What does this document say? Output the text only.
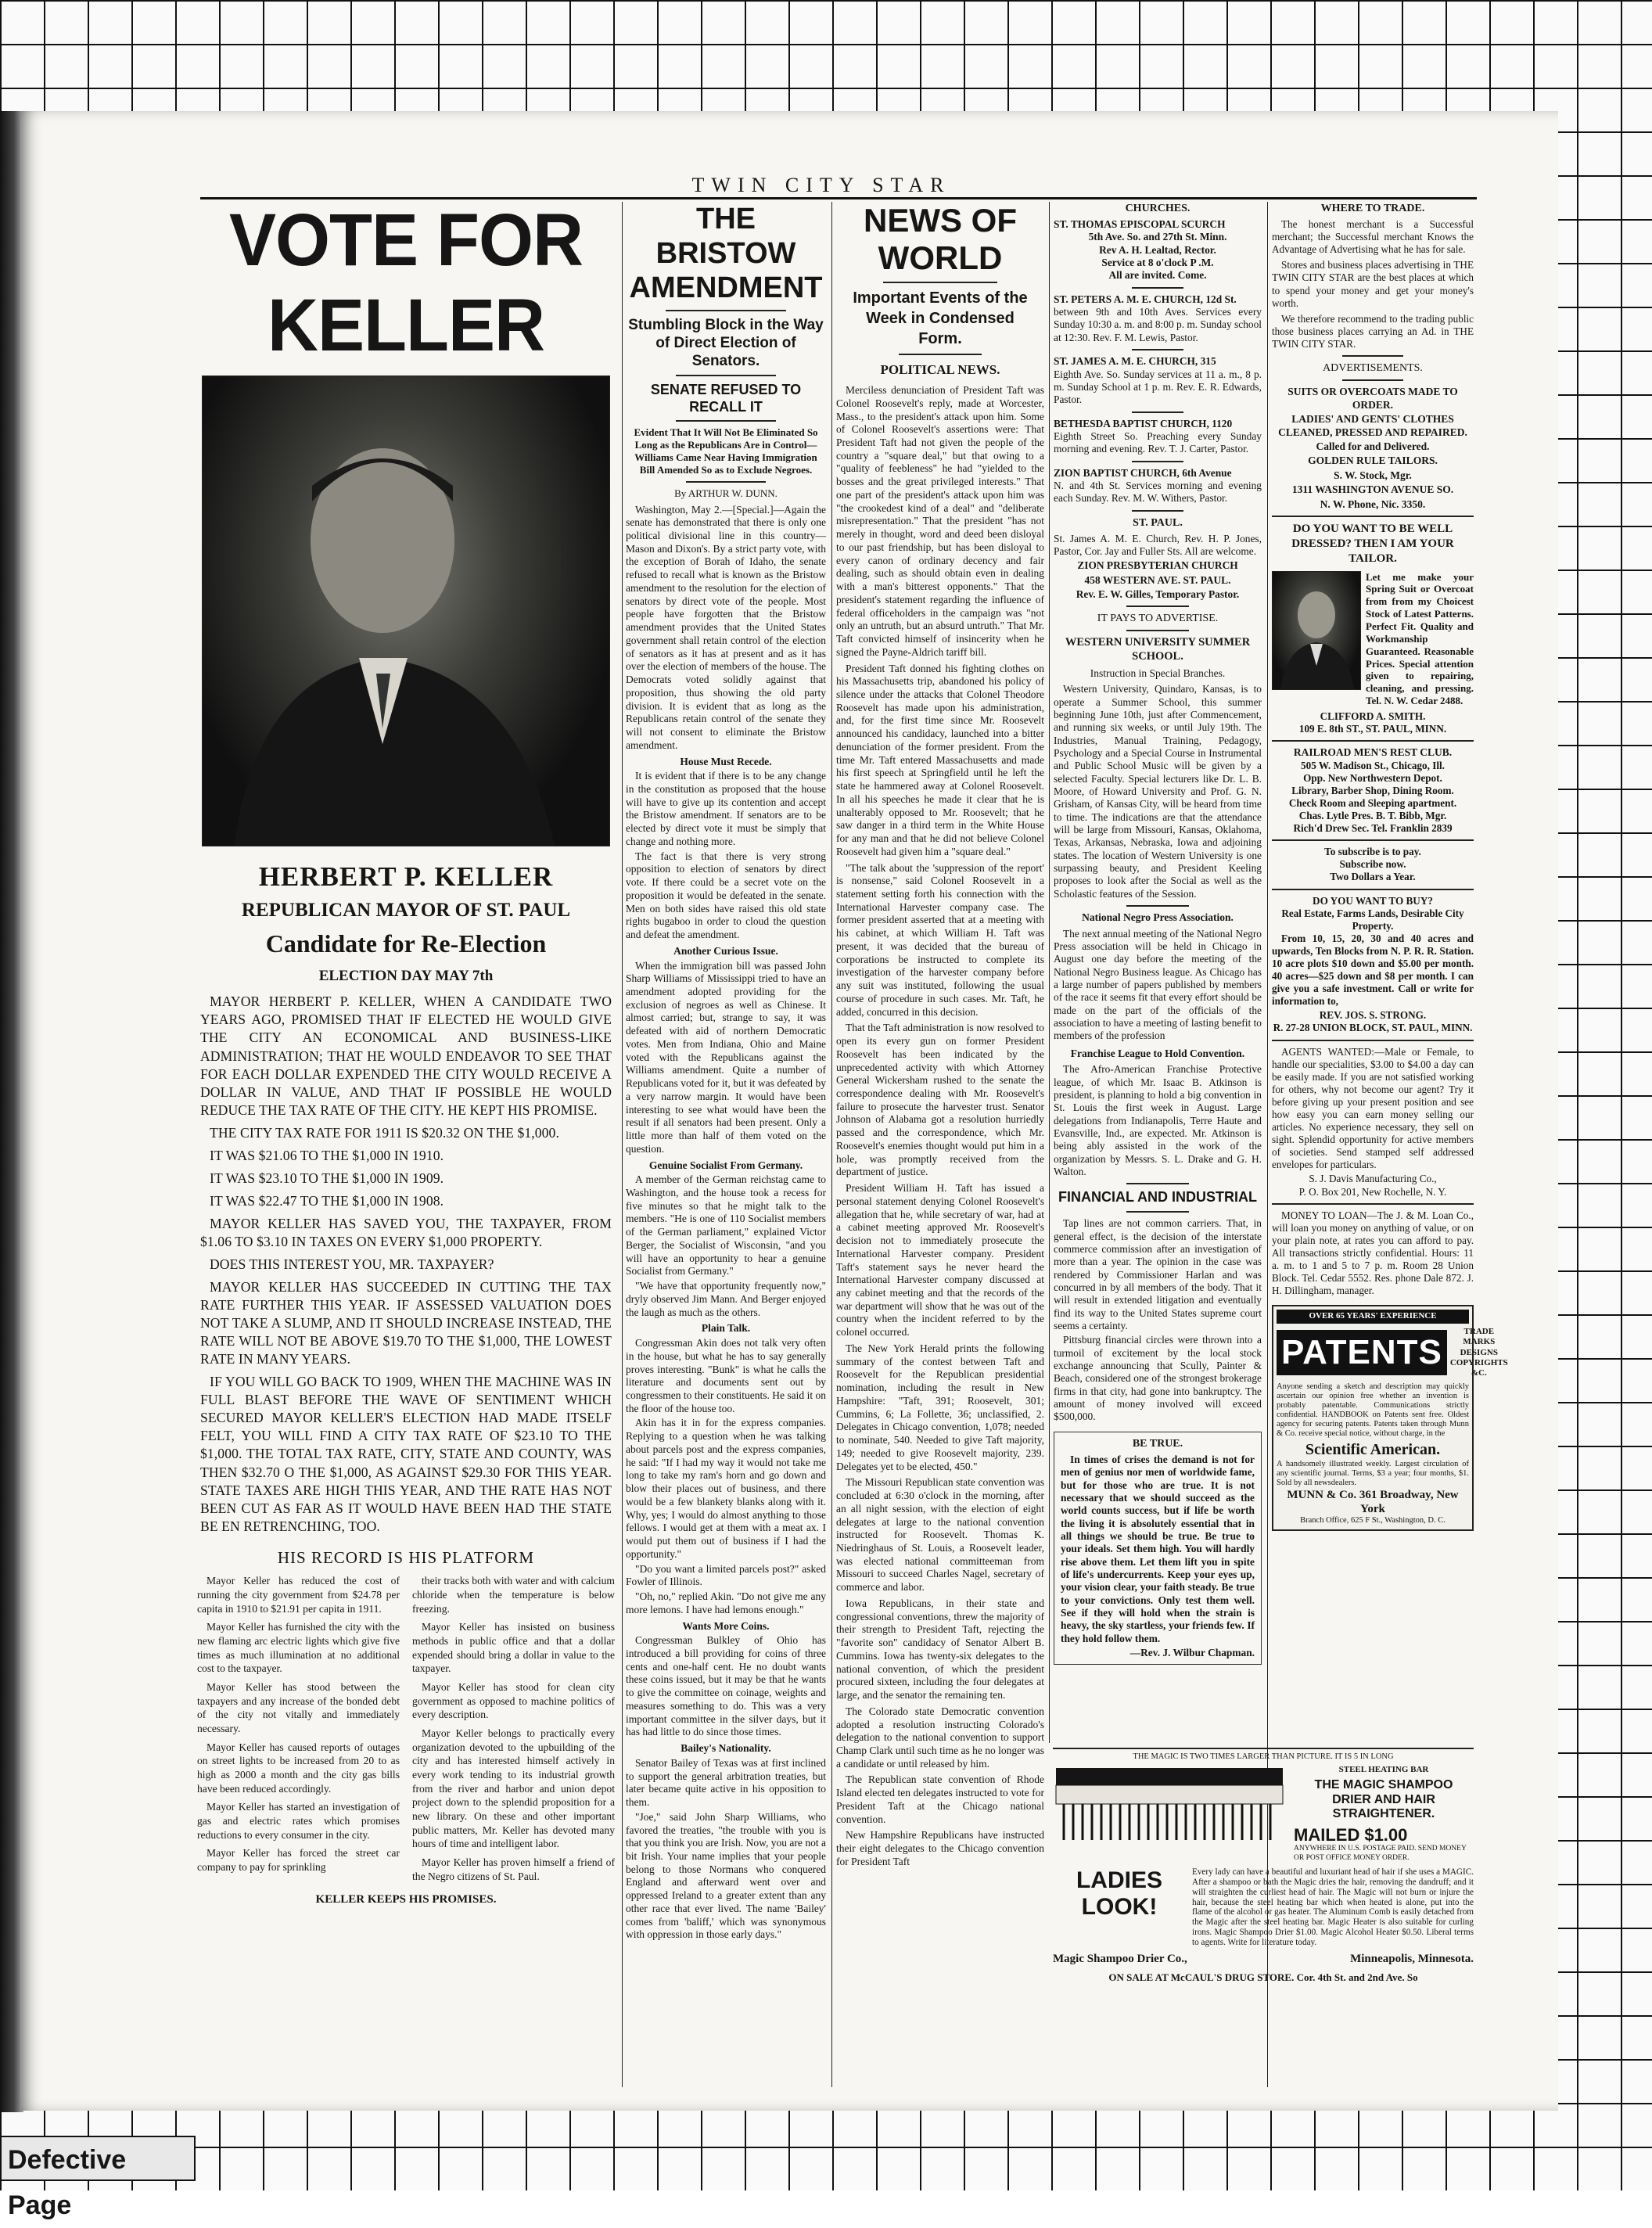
TWIN CITY STAR
VOTE FOR KELLER
HERBERT P. KELLER
REPUBLICAN MAYOR OF ST. PAUL
Candidate for Re-Election
ELECTION DAY MAY 7th

MAYOR HERBERT P. KELLER, WHEN A CANDIDATE TWO YEARS AGO, PROMISED THAT IF ELECTED HE WOULD GIVE THE CITY AN ECONOMICAL AND BUSINESS-LIKE ADMINISTRATION; THAT HE WOULD ENDEAVOR TO SEE THAT FOR EACH DOLLAR EXPENDED THE CITY WOULD RECEIVE A DOLLAR IN VALUE, AND THAT IF POSSIBLE HE WOULD REDUCE THE TAX RATE OF THE CITY. HE KEPT HIS PROMISE.

THE CITY TAX RATE FOR 1911 IS $20.32 ON THE $1,000.

IT WAS $21.06 TO THE $1,000 IN 1910.

IT WAS $23.10 TO THE $1,000 IN 1909.

IT WAS $22.47 TO THE $1,000 IN 1908.

MAYOR KELLER HAS SAVED YOU, THE TAXPAYER, FROM $1.06 TO $3.10 IN TAXES ON EVERY $1,000 PROPERTY.

DOES THIS INTEREST YOU, MR. TAXPAYER?

MAYOR KELLER HAS SUCCEEDED IN CUTTING THE TAX RATE FURTHER THIS YEAR. IF ASSESSED VALUATION DOES NOT TAKE A SLUMP, AND IT SHOULD INCREASE INSTEAD, THE RATE WILL NOT BE ABOVE $19.70 TO THE $1,000, THE LOWEST RATE IN MANY YEARS.

IF YOU WILL GO BACK TO 1909, WHEN THE MACHINE WAS IN FULL BLAST BEFORE THE WAVE OF SENTIMENT WHICH SECURED MAYOR KELLER'S ELECTION HAD MADE ITSELF FELT, YOU WILL FIND A CITY TAX RATE OF $23.10 TO THE $1,000. THE TOTAL TAX RATE, CITY, STATE AND COUNTY, WAS THEN $32.70 O THE $1,000, AS AGAINST $29.30 FOR THIS YEAR. STATE TAXES ARE HIGH THIS YEAR, AND THE RATE HAS NOT BEEN CUT AS FAR AS IT WOULD HAVE BEEN HAD THE STATE BE EN RETRENCHING, TOO.

HIS RECORD IS HIS PLATFORM

Mayor Keller has reduced the cost of running the city government from $24.78 per capita in 1910 to $21.91 per capita in 1911.

Mayor Keller has furnished the city with the new flaming arc electric lights which give five times as much illumination at no additional cost to the taxpayer.

Mayor Keller has stood between the taxpayers and any increase of the bonded debt of the city not vitally and immediately necessary.

Mayor Keller has caused reports of outages on street lights to be increased from 20 to as high as 2000 a month and the city gas bills have been reduced accordingly.

Mayor Keller has started an investigation of gas and electric rates which promises reductions to every consumer in the city.

Mayor Keller has forced the street car company to pay for sprinkling

their tracks both with water and with calcium chloride when the temperature is below freezing.

Mayor Keller has insisted on business methods in public office and that a dollar expended should bring a dollar in value to the taxpayer.

Mayor Keller has stood for clean city government as opposed to machine politics of every description.

Mayor Keller belongs to practically every organization devoted to the upbuilding of the city and has interested himself actively in every work tending to its industrial growth from the river and harbor and union depot project down to the splendid proposition for a new library. On these and other important public matters, Mr. Keller has devoted many hours of time and intelligent labor.

Mayor Keller has proven himself a friend of the Negro citizens of St. Paul.

KELLER KEEPS HIS PROMISES.
THE BRISTOW AMENDMENT
Stumbling Block in the Way of Direct Election of Senators.
SENATE REFUSED TO RECALL IT
Evident That It Will Not Be Eliminated So Long as the Republicans Are in Control—Williams Came Near Having Immigration Bill Amended So as to Exclude Negroes.
By ARTHUR W. DUNN.

Washington, May 2.—[Special.]—Again the senate has demonstrated that there is only one political divisional line in this country—Mason and Dixon's. By a strict party vote, with the exception of Borah of Idaho, the senate refused to recall what is known as the Bristow amendment to the resolution for the election of senators by direct vote of the people. Most people have forgotten that the Bristow amendment provides that the United States government shall retain control of the election of senators as it has at present and as it has over the election of members of the house. The Democrats voted solidly against that proposition, thus showing the old party division. It is evident that as long as the Republicans retain control of the senate they will not consent to eliminate the Bristow amendment.

House Must Recede.

It is evident that if there is to be any change in the constitution as proposed that the house will have to give up its contention and accept the Bristow amendment. If senators are to be elected by direct vote it must be simply that change and nothing more.

The fact is that there is very strong opposition to election of senators by direct vote. If there could be a secret vote on the proposition it would be defeated in the senate. Men on both sides have raised this old state rights bugaboo in order to cloud the question and defeat the amendment.

Another Curious Issue.

When the immigration bill was passed John Sharp Williams of Mississippi tried to have an amendment adopted providing for the exclusion of negroes as well as Chinese. It almost carried; but, strange to say, it was defeated with aid of northern Democratic votes. Men from Indiana, Ohio and Maine voted with the Republicans against the Williams amendment. Quite a number of Republicans voted for it, but it was defeated by a very narrow margin. It would have been interesting to see what would have been the result if all senators had been present. Only a little more than half of them voted on the question.

Genuine Socialist From Germany.

A member of the German reichstag came to Washington, and the house took a recess for five minutes so that he might talk to the members. "He is one of 110 Socialist members of the German parliament," explained Victor Berger, the Socialist of Wisconsin, "and you will have an opportunity to hear a genuine Socialist from Germany."

"We have that opportunity frequently now," dryly observed Jim Mann. And Berger enjoyed the laugh as much as the others.

Plain Talk.

Congressman Akin does not talk very often in the house, but what he has to say generally proves interesting. "Bunk" is what he calls the literature and documents sent out by congressmen to their constituents. He said it on the floor of the house too.

Akin has it in for the express companies. Replying to a question when he was talking about parcels post and the express companies, he said: "If I had my way it would not take me long to take my ram's horn and go down and blow their places out of business, and there would be a few blankety blanks along with it. Why, yes; I would do almost anything to those fellows. I would get at them with a meat ax. I would put them out of business if I had the opportunity."

"Do you want a limited parcels post?" asked Fowler of Illinois.

"Oh, no," replied Akin. "Do not give me any more lemons. I have had lemons enough."

Wants More Coins.

Congressman Bulkley of Ohio has introduced a bill providing for coins of three cents and one-half cent. He no doubt wants these coins issued, but it may be that he wants to give the committee on coinage, weights and measures something to do. This was a very important committee in the silver days, but it has had little to do since those times.

Bailey's Nationality.

Senator Bailey of Texas was at first inclined to support the general arbitration treaties, but later became quite active in his opposition to them.

"Joe," said John Sharp Williams, who favored the treaties, "the trouble with you is that you think you are Irish. Now, you are not a bit Irish. Your name implies that your people belong to those Normans who conquered England and afterward went over and oppressed Ireland to a greater extent than any other race that ever lived. The name 'Bailey' comes from 'baliff,' which was synonymous with oppression in those early days."

NEWS OF WORLD
Important Events of the Week in Condensed Form.
POLITICAL NEWS.

Merciless denunciation of President Taft was Colonel Roosevelt's reply, made at Worcester, Mass., to the president's attack upon him. Some of Colonel Roosevelt's assertions were: That President Taft had not given the people of the country a "square deal," but that owing to a "quality of feebleness" he had "yielded to the bosses and the great privileged interests." That one part of the president's attack upon him was "the crookedest kind of a deal" and "deliberate misrepresentation." That the president "has not merely in thought, word and deed been disloyal to our past friendship, but has been disloyal to every canon of ordinary decency and fair dealing, such as should obtain even in dealing with a man's bitterest opponents." That the president's statement regarding the influence of federal officeholders in the campaign was "not only an untruth, but an absurd untruth." That Mr. Taft convicted himself of insincerity when he signed the Payne-Aldrich tariff bill.

President Taft donned his fighting clothes on his Massachusetts trip, abandoned his policy of silence under the attacks that Colonel Theodore Roosevelt has made upon his administration, and, for the first time since Mr. Roosevelt announced his candidacy, launched into a bitter denunciation of the former president. From the time Mr. Taft entered Massachusetts and made his first speech at Springfield until he left the state he hammered away at Colonel Roosevelt. In all his speeches he made it clear that he is unalterably opposed to Mr. Roosevelt; that he saw danger in a third term in the White House for any man and that he did not believe Colonel Roosevelt had given him a "square deal."

"The talk about the 'suppression of the report' is nonsense," said Colonel Roosevelt in a statement setting forth his connection with the International Harvester company case. The former president asserted that at a meeting with his cabinet, at which William H. Taft was present, it was decided that the bureau of corporations be instructed to complete its investigation of the harvester company before any suit was instituted, following the usual course of procedure in such cases. Mr. Taft, he added, concurred in this decision.

That the Taft administration is now resolved to open its every gun on former President Roosevelt has been indicated by the unprecedented activity with which Attorney General Wickersham rushed to the senate the correspondence dealing with Mr. Roosevelt's failure to prosecute the harvester trust. Senator Johnson of Alabama got a resolution hurriedly passed and the correspondence, which Mr. Roosevelt's enemies thought would put him in a hole, was promptly received from the department of justice.

President William H. Taft has issued a personal statement denying Colonel Roosevelt's allegation that he, while secretary of war, had at a cabinet meeting approved Mr. Roosevelt's decision not to immediately prosecute the International Harvester company. President Taft's statement says he never heard the International Harvester company discussed at any cabinet meeting and that the records of the war department will show that he was out of the country when the incident referred to by the colonel occurred.

The New York Herald prints the following summary of the contest between Taft and Roosevelt for the Republican presidential nomination, including the result in New Hampshire: "Taft, 391; Roosevelt, 301; Cummins, 6; La Follette, 36; unclassified, 2. Delegates in Chicago convention, 1,078; needed to nominate, 540. Needed to give Taft majority, 149; needed to give Roosevelt majority, 239. Delegates yet to be elected, 450."

The Missouri Republican state convention was concluded at 6:30 o'clock in the morning, after an all night session, with the election of eight delegates at large to the national convention instructed for Roosevelt. Thomas K. Niedringhaus of St. Louis, a Roosevelt leader, was elected national committeeman from Missouri to succeed Charles Nagel, secretary of commerce and labor.

Iowa Republicans, in their state and congressional conventions, threw the majority of their strength to President Taft, rejecting the "favorite son" candidacy of Senator Albert B. Cummins. Iowa has twenty-six delegates to the national convention, of which the president procured sixteen, including the four delegates at large, and the senator the remaining ten.

The Colorado state Democratic convention adopted a resolution instructing Colorado's delegation to the national convention to support Champ Clark until such time as he no longer was a candidate or until released by him.

The Republican state convention of Rhode Island elected ten delegates instructed to vote for President Taft at the Chicago national convention.

New Hampshire Republicans have instructed their eight delegates to the Chicago convention for President Taft

CHURCHES.
ST. THOMAS EPISCOPAL SCURCH
5th Ave. So. and 27th St. Minn.
Rev A. H. Lealtad, Rector.
Service at 8 o'clock P .M.
All are invited. Come.
ST. PETERS A. M. E. CHURCH, 12d St.
between 9th and 10th Aves. Services every Sunday 10:30 a. m. and 8:00 p. m. Sunday school at 12:30. Rev. F. M. Lewis, Pastor.
ST. JAMES A. M. E. CHURCH, 315
Eighth Ave. So. Sunday services at 11 a. m., 8 p. m. Sunday School at 1 p. m. Rev. E. R. Edwards, Pastor.
BETHESDA BAPTIST CHURCH, 1120
Eighth Street So. Preaching every Sunday morning and evening. Rev. T. J. Carter, Pastor.
ZION BAPTIST CHURCH, 6th Avenue
N. and 4th St. Services morning and evening each Sunday. Rev. M. W. Withers, Pastor.
ST. PAUL.
St. James A. M. E. Church, Rev. H. P. Jones, Pastor, Cor. Jay and Fuller Sts. All are welcome.
ZION PRESBYTERIAN CHURCH
458 WESTERN AVE. ST. PAUL.
Rev. E. W. Gilles, Temporary Pastor.
IT PAYS TO ADVERTISE.
WESTERN UNIVERSITY SUMMER SCHOOL.
Instruction in Special Branches.

Western University, Quindaro, Kansas, is to operate a Summer School, this summer beginning June 10th, just after Commencement, and running six weeks, or until July 19th. The Industries, Manual Training, Pedagogy, Psychology and a Special Course in Instrumental and Public School Music will be given by a selected Faculty. Special lecturers like Dr. L. B. Moore, of Howard University and Prof. G. N. Grisham, of Kansas City, will be heard from time to time. The indications are that the attendance will be large from Missouri, Kansas, Oklahoma, Texas, Arkansas, Nebraska, Iowa and adjoining states. The location of Western University is one surpassing beauty, and President Keeling proposes to look after the Social as well as the Scholastic features of the Session.

National Negro Press Association.

The next annual meeting of the National Negro Press association will be held in Chicago in August one day before the meeting of the National Negro Business league. As Chicago has a large number of papers published by members of the race it seems fit that every effort should be made on the part of the officials of the association to have a meeting of lasting benefit to members of the profession

Franchise League to Hold Convention.

The Afro-American Franchise Protective league, of which Mr. Isaac B. Atkinson is president, is planning to hold a big convention in St. Louis the first week in August. Large delegations from Indianapolis, Terre Haute and Evansville, Ind., are expected. Mr. Atkinson is being ably assisted in the work of the organization by Messrs. S. L. Drake and G. H. Walton.

FINANCIAL AND INDUSTRIAL

Tap lines are not common carriers. That, in general effect, is the decision of the interstate commerce commission after an investigation of more than a year. The opinion in the case was rendered by Commissioner Harlan and was concurred in by all members of the body. That it will result in extended litigation and eventually find its way to the United States supreme court seems a certainty.

Pittsburg financial circles were thrown into a turmoil of excitement by the local stock exchange announcing that Scully, Painter & Beach, considered one of the strongest brokerage firms in that city, had gone into bankruptcy. The amount of money involved will exceed $500,000.

BE TRUE.

In times of crises the demand is not for men of genius nor men of worldwide fame, but for those who are true. It is not necessary that we should succeed as the world counts success, but if life be worth the living it is absolutely essential that in all things we should be true. Be true to your ideals. Set them high. You will hardly rise above them. Let them lift you in spite of life's undercurrents. Keep your eyes up, your vision clear, your faith steady. Be true to your convictions. Only test them well. See if they will hold when the strain is heavy, the sky startless, your friends few. If they hold follow them.

—Rev. J. Wilbur Chapman.
WHERE TO TRADE.

The honest merchant is a Successful merchant; the Successful merchant Knows the Advantage of Advertising what he has for sale.

Stores and business places advertising in THE TWIN CITY STAR are the best places at which to spend your money and get your money's worth.

We therefore recommend to the trading public those business places carrying an Ad. in THE TWIN CITY STAR.

ADVERTISEMENTS.
SUITS OR OVERCOATS MADE TO ORDER.
LADIES' AND GENTS' CLOTHES CLEANED, PRESSED AND REPAIRED.
Called for and Delivered.
GOLDEN RULE TAILORS.
S. W. Stock, Mgr.
1311 WASHINGTON AVENUE SO.
N. W. Phone, Nic. 3350.
DO YOU WANT TO BE WELL DRESSED? THEN I AM YOUR TAILOR.

Let me make your Spring Suit or Overcoat from from my Choicest Stock of Latest Patterns. Perfect Fit. Quality and Workmanship Guaranteed. Reasonable Prices. Special attention given to repairing, cleaning, and pressing. Tel. N. W. Cedar 2488.

CLIFFORD A. SMITH.
109 E. 8th ST., ST. PAUL, MINN.
RAILROAD MEN'S REST CLUB.
505 W. Madison St., Chicago, Ill.
Opp. New Northwestern Depot.
Library, Barber Shop, Dining Room.
Check Room and Sleeping apartment.
Chas. Lytle Pres. B. T. Bibb, Mgr.
Rich'd Drew Sec. Tel. Franklin 2839
To subscribe is to pay.
Subscribe now.
Two Dollars a Year.
DO YOU WANT TO BUY?
Real Estate, Farms Lands, Desirable City Property.

From 10, 15, 20, 30 and 40 acres and upwards, Ten Blocks from N. P. R. R. Station. 10 acre plots $10 down and $5.00 per month. 40 acres—$25 down and $8 per month. I can give you a safe investment. Call or write for information to,

REV. JOS. S. STRONG.
R. 27-28 UNION BLOCK, ST. PAUL, MINN.

AGENTS WANTED:—Male or Female, to handle our specialities, $3.00 to $4.00 a day can be easily made. If you are not satisfied working for others, why not become our agent? Try it before giving up your present position and see how easy you can earn money selling our articles. No experience necessary, they sell on sight. Splendid opportunity for active members of societies. Send stamped self addressed envelopes for particulars.

S. J. Davis Manufacturing Co.,
P. O. Box 201, New Rochelle, N. Y.

MONEY TO LOAN—The J. & M. Loan Co., will loan you money on anything of value, or on your plain note, at rates you can afford to pay. All transactions strictly confidential. Hours: 11 a. m. to 1 and 5 to 7 p. m. Room 28 Union Block. Tel. Cedar 5552. Res. phone Dale 872. J. H. Dillingham, manager.

OVER 65 YEARS' EXPERIENCE
PATENTS
TRADE MARKS DESIGNS COPYRIGHTS &C.
Anyone sending a sketch and description may quickly ascertain our opinion free whether an invention is probably patentable. Communications strictly confidential. HANDBOOK on Patents sent free. Oldest agency for securing patents. Patents taken through Munn & Co. receive special notice, without charge, in the
Scientific American.
A handsomely illustrated weekly. Largest circulation of any scientific journal. Terms, $3 a year; four months, $1. Sold by all newsdealers.
MUNN & Co. 361 Broadway, New York
Branch Office, 625 F St., Washington, D. C.
THE MAGIC IS TWO TIMES LARGER THAN PICTURE. IT IS 5 IN LONG
STEEL HEATING BAR
THE MAGIC SHAMPOO DRIER AND HAIR STRAIGHTENER.
MAILED $1.00
ANYWHERE IN U.S. POSTAGE PAID. SEND MONEY OR POST OFFICE MONEY ORDER.
LADIES LOOK!
Every lady can have a beautiful and luxuriant head of hair if she uses a MAGIC. After a shampoo or bath the Magic dries the hair, removing the dandruff; and it will straighten the curliest head of hair. The Magic will not burn or injure the hair, because the steel heating bar which when heated is alone, put into the flame of the alcohol or gas heater. The Aluminum Comb is easily detached from the Magic after the steel heating bar. Magic Heater is also suitable for curling irons. Magic Shampoo Drier $1.00. Magic Alcohol Heater $0.50. Liberal terms to agents. Write for literature today.
Magic Shampoo Drier Co.,	Minneapolis, Minnesota.
ON SALE AT McCAUL'S DRUG STORE. Cor. 4th St. and 2nd Ave. So
Defective Page
